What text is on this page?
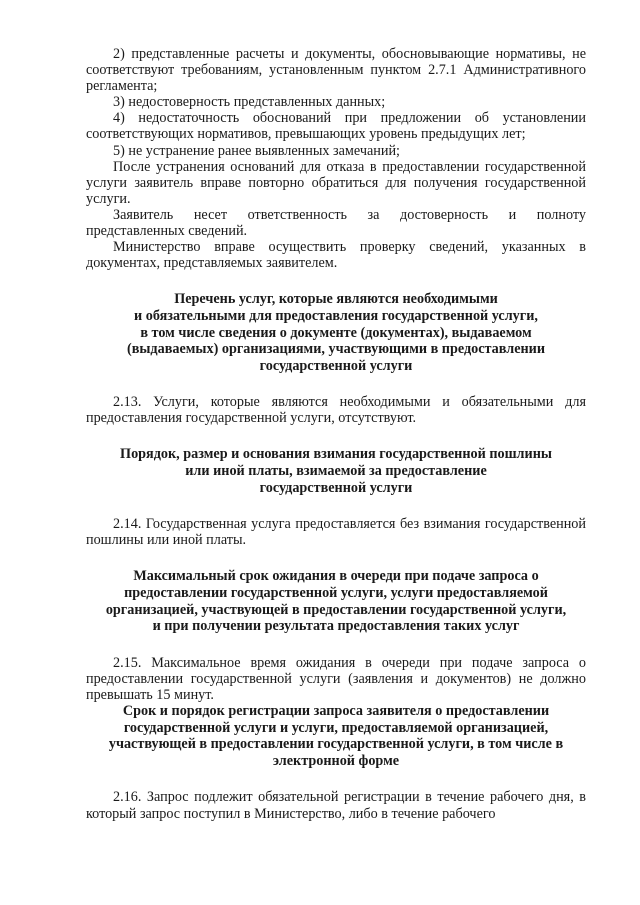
2) представленные расчеты и документы, обосновывающие нормативы, не соответствуют требованиям, установленным пунктом 2.7.1 Административного регламента;

3) недостоверность представленных данных;

4) недостаточность обоснований при предложении об установлении соответствующих нормативов, превышающих уровень предыдущих лет;

5) не устранение ранее выявленных замечаний;

После устранения оснований для отказа в предоставлении государственной услуги заявитель вправе повторно обратиться для получения государственной услуги.

Заявитель несет ответственность за достоверность и полноту представленных сведений.

Министерство вправе осуществить проверку сведений, указанных в документах, представляемых заявителем.

Перечень услуг, которые являются необходимыми

и обязательными для предоставления государственной услуги,

в том числе сведения о документе (документах), выдаваемом

(выдаваемых) организациями, участвующими в предоставлении

государственной услуги

2.13. Услуги, которые являются необходимыми и обязательными для предоставления государственной услуги, отсутствуют.

Порядок, размер и основания взимания государственной пошлины

или иной платы, взимаемой за предоставление

государственной услуги

2.14. Государственная услуга предоставляется без взимания государственной пошлины или иной платы.

Максимальный срок ожидания в очереди при подаче запроса о

предоставлении государственной услуги, услуги предоставляемой

организацией, участвующей в предоставлении государственной услуги,

и при получении результата предоставления таких услуг

2.15. Максимальное время ожидания в очереди при подаче запроса о предоставлении государственной услуги (заявления и документов) не должно превышать 15 минут.

Срок и порядок регистрации запроса заявителя о предоставлении

государственной услуги и услуги, предоставляемой организацией,

участвующей в предоставлении государственной услуги, в том числе в

электронной форме

2.16. Запрос подлежит обязательной регистрации в течение рабочего дня, в который запрос поступил в Министерство, либо в течение рабочего
